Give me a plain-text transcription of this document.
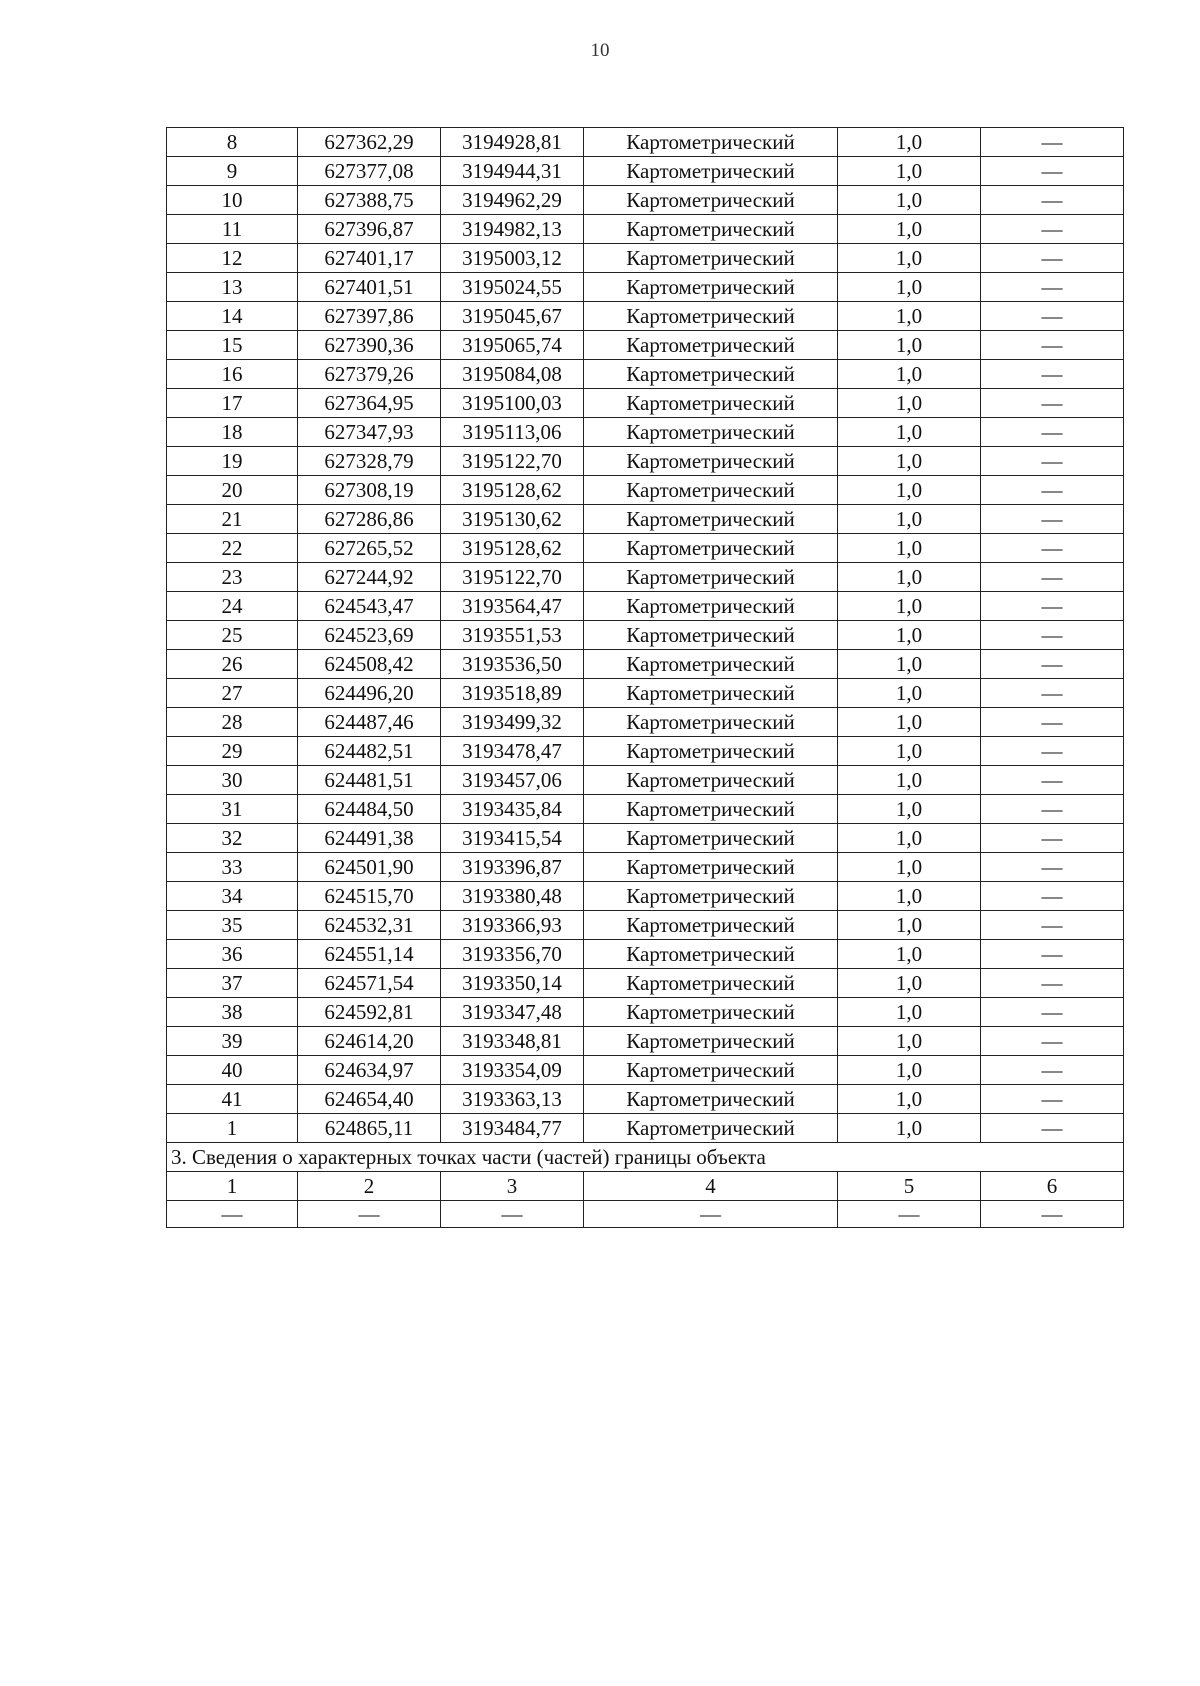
10
8	627362,29	3194928,81	Картометрический	1,0	—
9	627377,08	3194944,31	Картометрический	1,0	—
10	627388,75	3194962,29	Картометрический	1,0	—
11	627396,87	3194982,13	Картометрический	1,0	—
12	627401,17	3195003,12	Картометрический	1,0	—
13	627401,51	3195024,55	Картометрический	1,0	—
14	627397,86	3195045,67	Картометрический	1,0	—
15	627390,36	3195065,74	Картометрический	1,0	—
16	627379,26	3195084,08	Картометрический	1,0	—
17	627364,95	3195100,03	Картометрический	1,0	—
18	627347,93	3195113,06	Картометрический	1,0	—
19	627328,79	3195122,70	Картометрический	1,0	—
20	627308,19	3195128,62	Картометрический	1,0	—
21	627286,86	3195130,62	Картометрический	1,0	—
22	627265,52	3195128,62	Картометрический	1,0	—
23	627244,92	3195122,70	Картометрический	1,0	—
24	624543,47	3193564,47	Картометрический	1,0	—
25	624523,69	3193551,53	Картометрический	1,0	—
26	624508,42	3193536,50	Картометрический	1,0	—
27	624496,20	3193518,89	Картометрический	1,0	—
28	624487,46	3193499,32	Картометрический	1,0	—
29	624482,51	3193478,47	Картометрический	1,0	—
30	624481,51	3193457,06	Картометрический	1,0	—
31	624484,50	3193435,84	Картометрический	1,0	—
32	624491,38	3193415,54	Картометрический	1,0	—
33	624501,90	3193396,87	Картометрический	1,0	—
34	624515,70	3193380,48	Картометрический	1,0	—
35	624532,31	3193366,93	Картометрический	1,0	—
36	624551,14	3193356,70	Картометрический	1,0	—
37	624571,54	3193350,14	Картометрический	1,0	—
38	624592,81	3193347,48	Картометрический	1,0	—
39	624614,20	3193348,81	Картометрический	1,0	—
40	624634,97	3193354,09	Картометрический	1,0	—
41	624654,40	3193363,13	Картометрический	1,0	—
1	624865,11	3193484,77	Картометрический	1,0	—
3. Сведения о характерных точках части (частей) границы объекта					
1	2	3	4	5	6
—	—	—	—	—	—
